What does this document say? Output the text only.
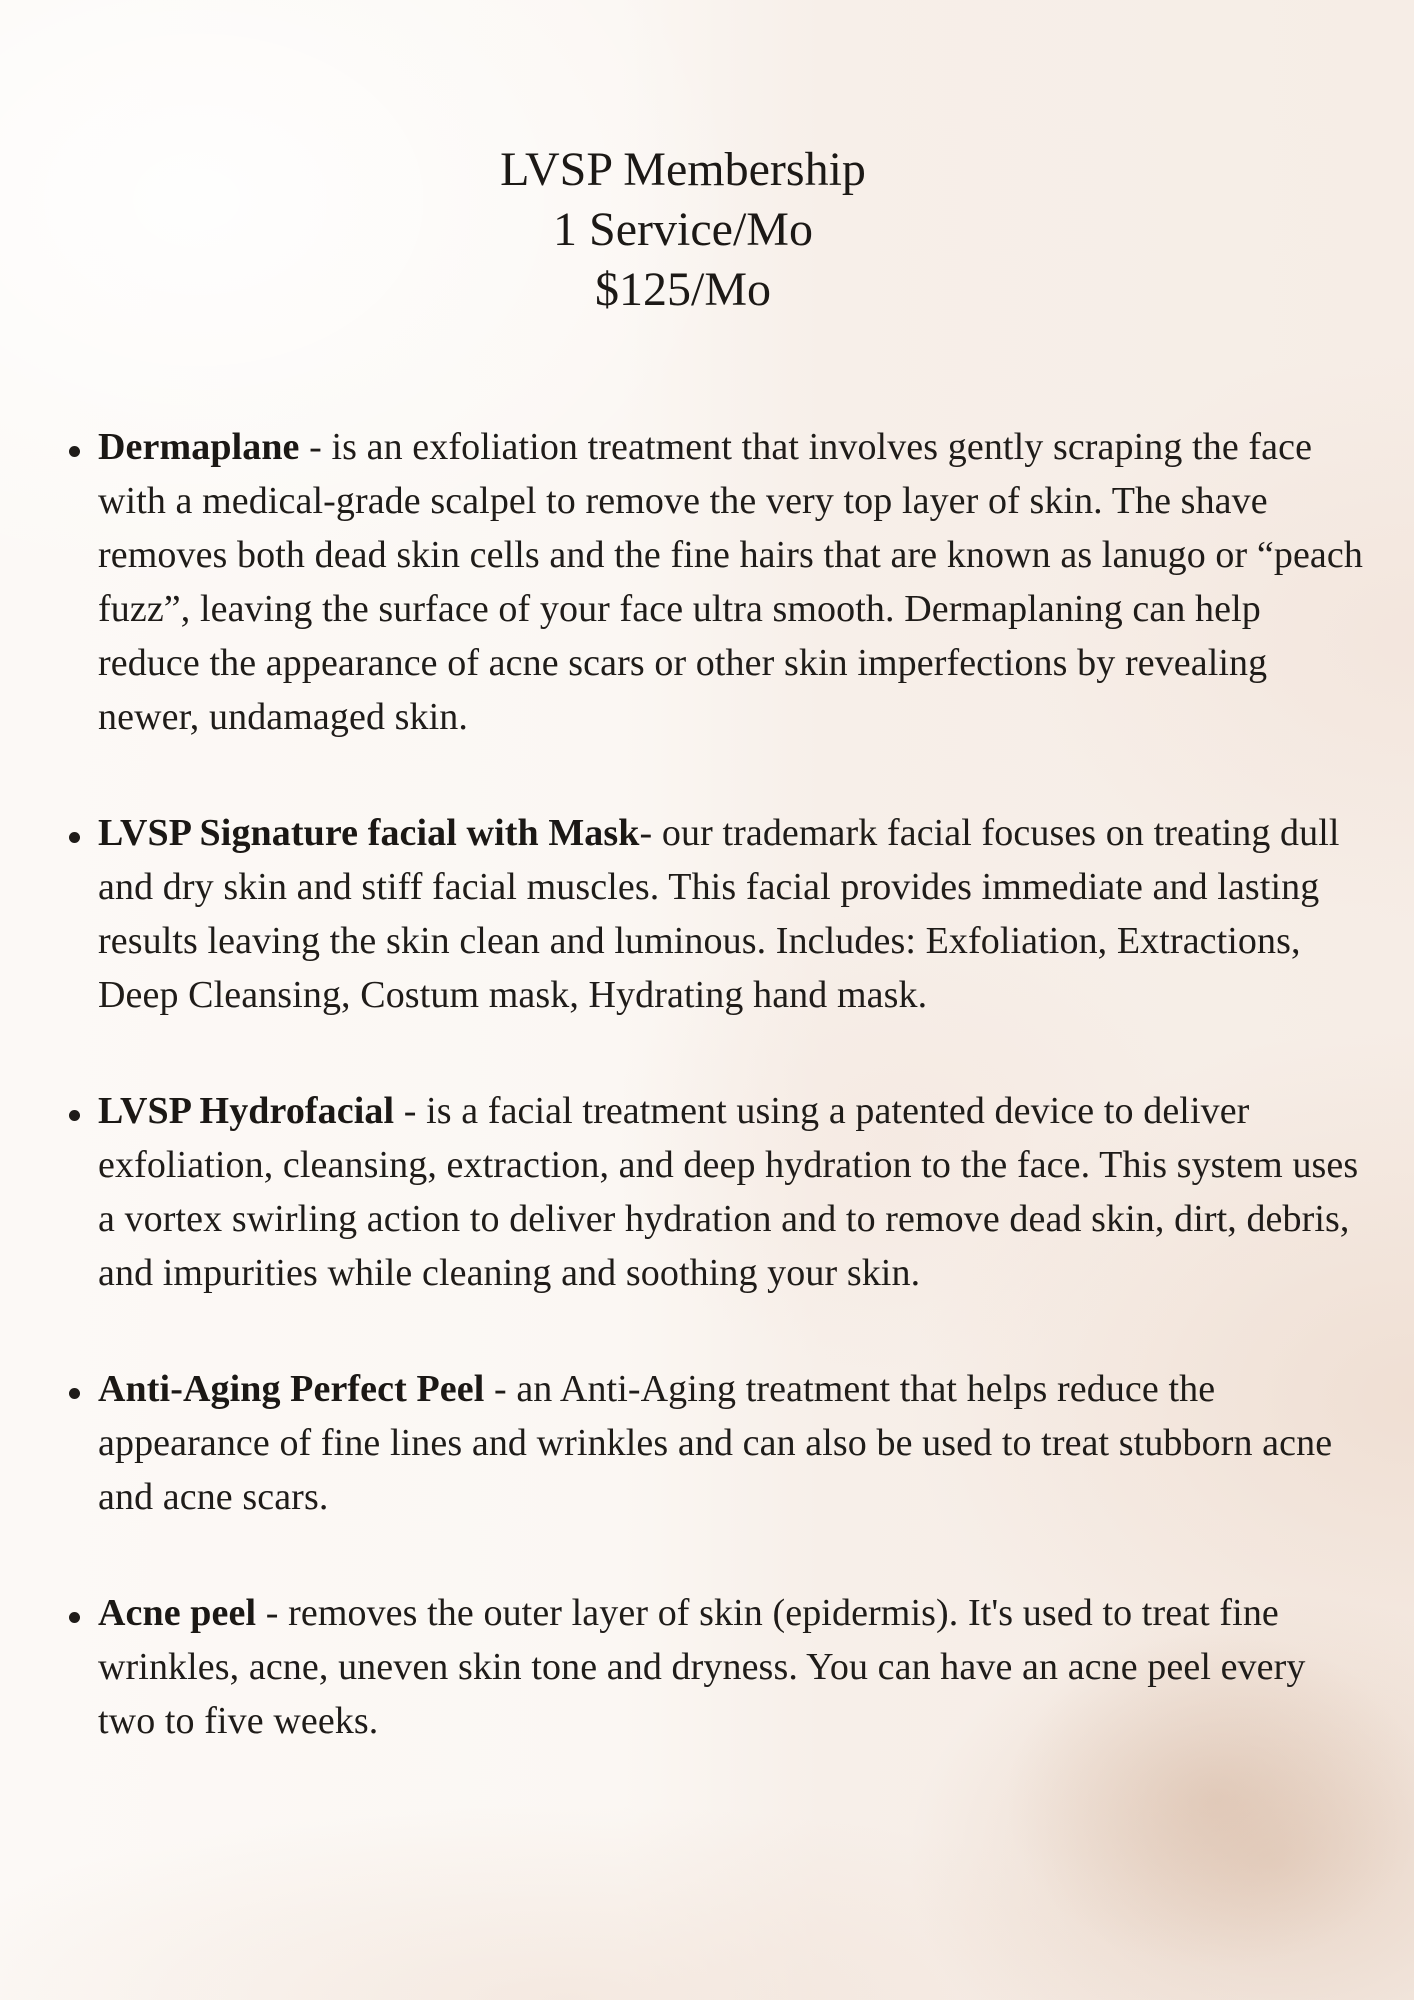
LVSP Membership
1 Service/Mo
$125/Mo
Dermaplane - is an exfoliation treatment that involves gently scraping the face with a medical-grade scalpel to remove the very top layer of skin. The shave removes both dead skin cells and the fine hairs that are known as lanugo or “peach fuzz”, leaving the surface of your face ultra smooth. Dermaplaning can help reduce the appearance of acne scars or other skin imperfections by revealing newer, undamaged skin.
LVSP Signature facial with Mask- our trademark facial focuses on treating dull and dry skin and stiff facial muscles. This facial provides immediate and lasting results leaving the skin clean and luminous. Includes: Exfoliation, Extractions, Deep Cleansing, Costum mask, Hydrating hand mask.
LVSP Hydrofacial - is a facial treatment using a patented device to deliver exfoliation, cleansing, extraction, and deep hydration to the face. This system uses a vortex swirling action to deliver hydration and to remove dead skin, dirt, debris, and impurities while cleaning and soothing your skin.
Anti-Aging Perfect Peel - an Anti-Aging treatment that helps reduce the appearance of fine lines and wrinkles and can also be used to treat stubborn acne and acne scars.
Acne peel - removes the outer layer of skin (epidermis). It's used to treat fine wrinkles, acne, uneven skin tone and dryness. You can have an acne peel every two to five weeks.
